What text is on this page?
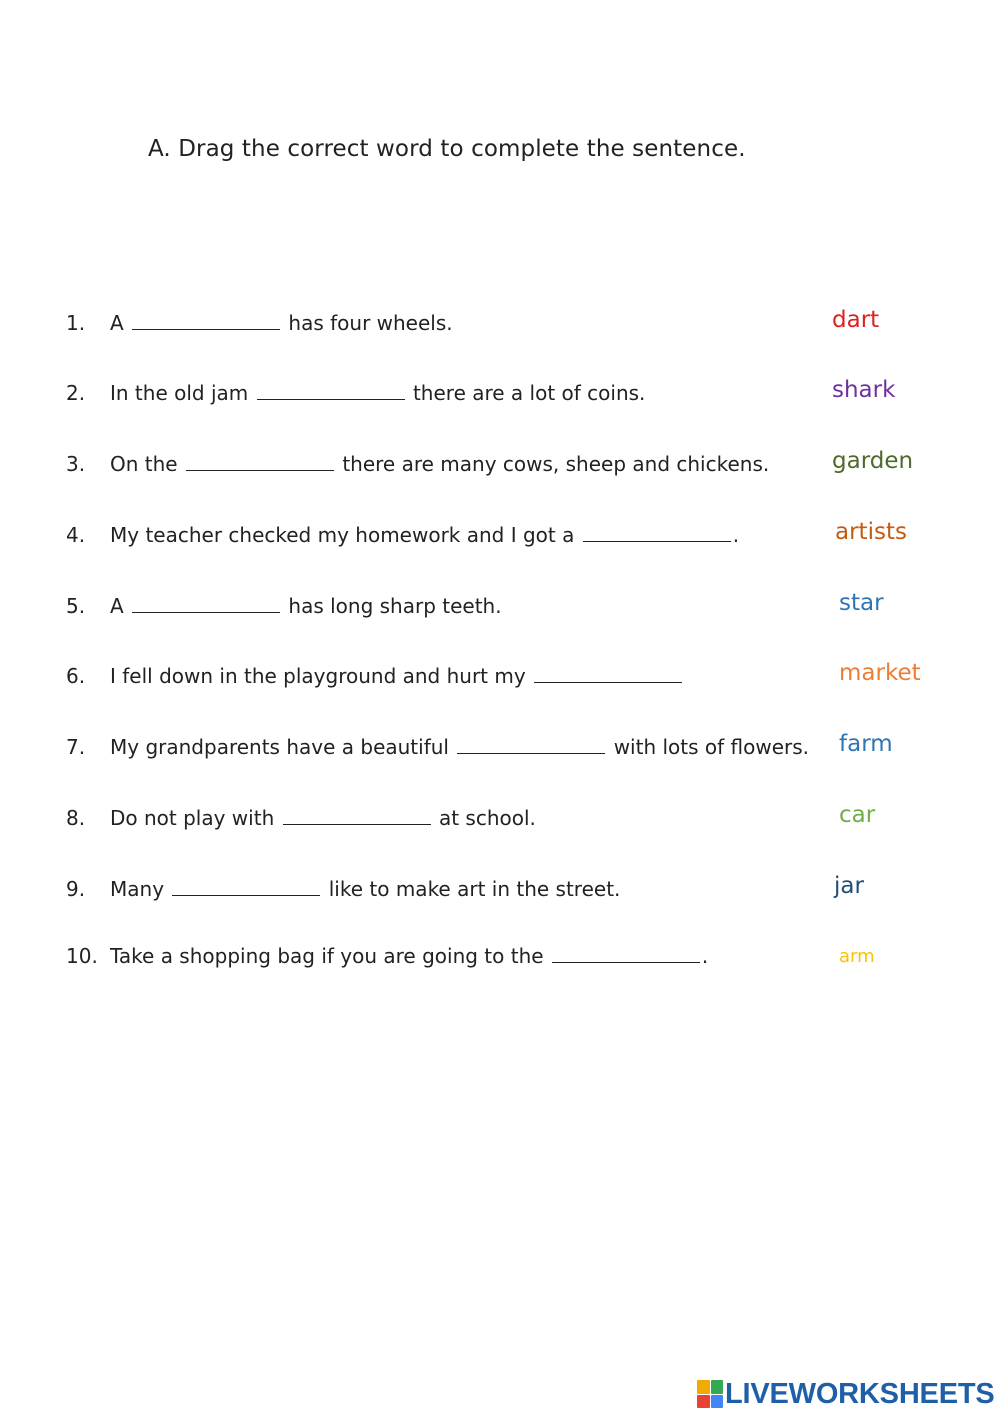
A. Drag the correct word to complete the sentence.
1. A	has four wheels.	dart
2. In the old jam	there are a lot of coins.	shark
3. On the	there are many cows, sheep and chickens.	garden
4. My teacher checked my homework and I got a	.	artists
5. A	has long sharp teeth.	star
6. I fell down in the playground and hurt my	market
7. My grandparents have a beautiful	with lots of flowers. farm
8. Do not play with	at school.	car
9. Many	like to make art in the street.	jar
10. Take a shopping bag if you are going to the	.	arm
LIVEWORKSHEETS
